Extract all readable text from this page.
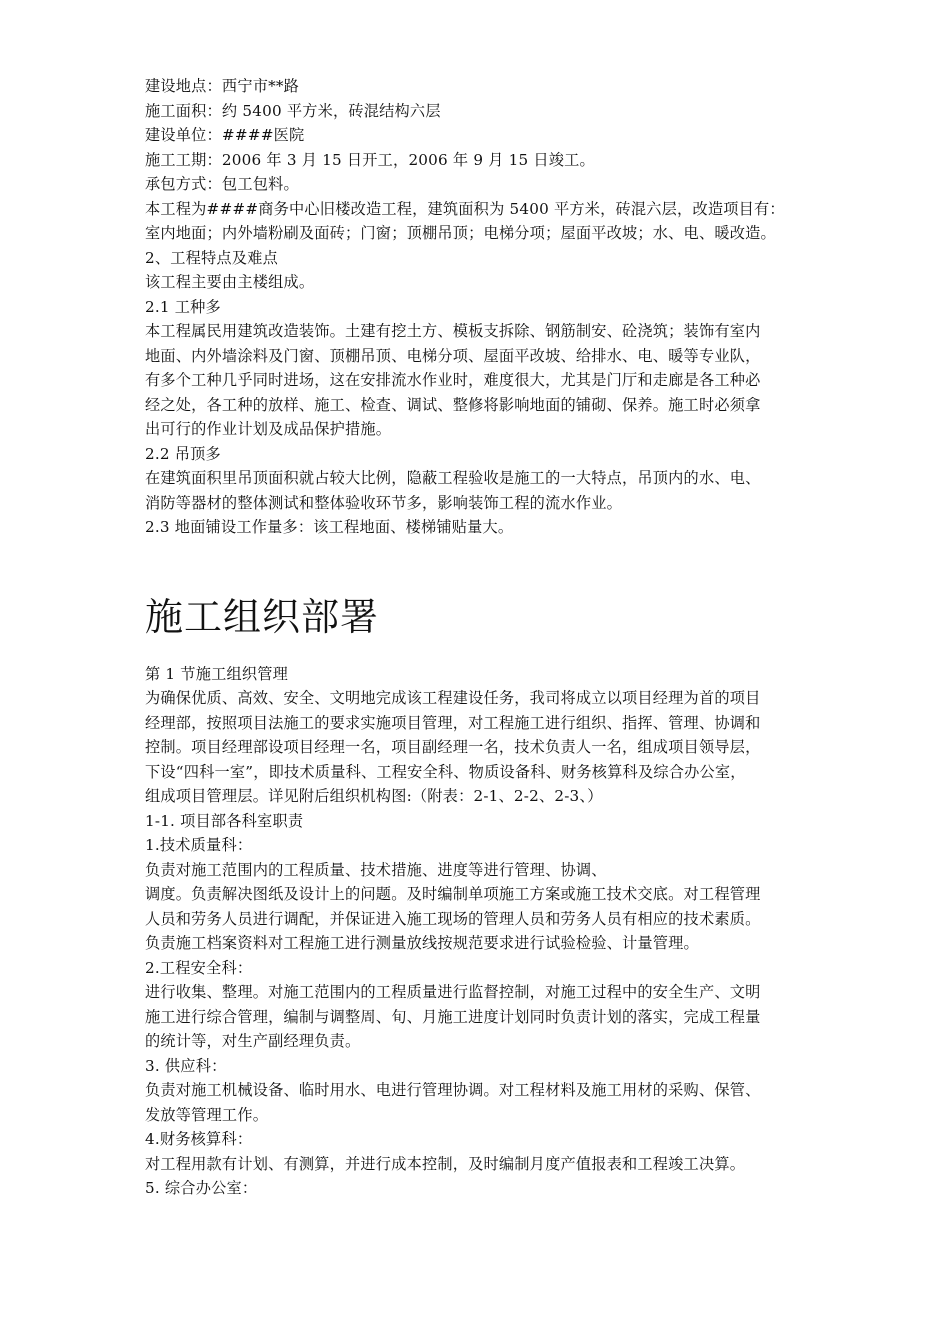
建设地点：西宁市**路
施工面积：约 5400 平方米，砖混结构六层
建设单位：####医院
施工工期：2006 年 3 月 15 日开工，2006 年 9 月 15 日竣工。
承包方式：包工包料。
本工程为####商务中心旧楼改造工程，建筑面积为 5400 平方米，砖混六层，改造项目有：
室内地面；内外墙粉刷及面砖；门窗；顶棚吊顶；电梯分项；屋面平改坡；水、电、暖改造。
2、工程特点及难点
该工程主要由主楼组成。
2.1 工种多
本工程属民用建筑改造装饰。土建有挖土方、模板支拆除、钢筋制安、砼浇筑；装饰有室内
地面、内外墙涂料及门窗、顶棚吊顶、电梯分项、屋面平改坡、给排水、电、暖等专业队，
有多个工种几乎同时进场，这在安排流水作业时，难度很大，尤其是门厅和走廊是各工种必
经之处，各工种的放样、施工、检查、调试、整修将影响地面的铺砌、保养。施工时必须拿
出可行的作业计划及成品保护措施。
2.2 吊顶多
在建筑面积里吊顶面积就占较大比例，隐蔽工程验收是施工的一大特点，吊顶内的水、电、
消防等器材的整体测试和整体验收环节多，影响装饰工程的流水作业。
2.3 地面铺设工作量多：该工程地面、楼梯铺贴量大。
施工组织部署
第 1 节施工组织管理
为确保优质、高效、安全、文明地完成该工程建设任务，我司将成立以项目经理为首的项目
经理部，按照项目法施工的要求实施项目管理，对工程施工进行组织、指挥、管理、协调和
控制。项目经理部设项目经理一名，项目副经理一名，技术负责人一名，组成项目领导层，
下设“四科一室”，即技术质量科、工程安全科、物质设备科、财务核算科及综合办公室，
组成项目管理层。详见附后组织机构图:（附表：2-1、2-2、2-3、）
1-1. 项目部各科室职责
1.技术质量科：
负责对施工范围内的工程质量、技术措施、进度等进行管理、协调、
调度。负责解决图纸及设计上的问题。及时编制单项施工方案或施工技术交底。对工程管理
人员和劳务人员进行调配，并保证进入施工现场的管理人员和劳务人员有相应的技术素质。
负责施工档案资料对工程施工进行测量放线按规范要求进行试验检验、计量管理。
2.工程安全科：
进行收集、整理。对施工范围内的工程质量进行监督控制，对施工过程中的安全生产、文明
施工进行综合管理，编制与调整周、旬、月施工进度计划同时负责计划的落实，完成工程量
的统计等，对生产副经理负责。
3. 供应科：
负责对施工机械设备、临时用水、电进行管理协调。对工程材料及施工用材的采购、保管、
发放等管理工作。
4.财务核算科：
对工程用款有计划、有测算，并进行成本控制，及时编制月度产值报表和工程竣工决算。
5. 综合办公室：
